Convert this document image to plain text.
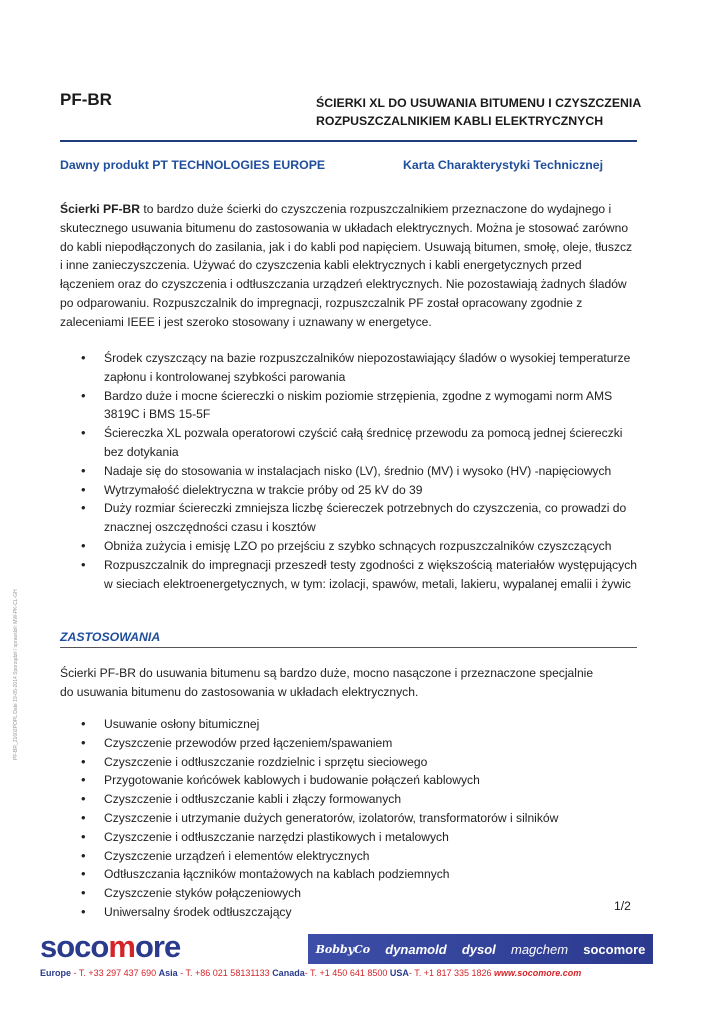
PF-BR	ŚCIERKI XL DO USUWANIA BITUMENU I CZYSZCZENIA
ROZPUSZCZALNIKIEM KABLI ELEKTRYCZNYCH
Dawny produkt PT TECHNOLOGIES EUROPE	Karta Charakterystyki Technicznej
Ścierki PF-BR to bardzo duże ścierki do czyszczenia rozpuszczalnikiem przeznaczone do wydajnego i skutecznego usuwania bitumenu do zastosowania w układach elektrycznych. Można je stosować zarówno do kabli niepodłączonych do zasilania, jak i do kabli pod napięciem. Usuwają bitumen, smołę, oleje, tłuszcz i inne zanieczyszczenia. Używać do czyszczenia kabli elektrycznych i kabli energetycznych przed łączeniem oraz do czyszczenia i odtłuszczania urządzeń elektrycznych. Nie pozostawiają żadnych śladów po odparowaniu. Rozpuszczalnik do impregnacji, rozpuszczalnik PF został opracowany zgodnie z zaleceniami IEEE i jest szeroko stosowany i uznawany w energetyce.
• Środek czyszczący na bazie rozpuszczalników niepozostawiający śladów o wysokiej temperaturze zapłonu i kontrolowanej szybkości parowania
• Bardzo duże i mocne ściereczki o niskim poziomie strzępienia, zgodne z wymogami norm AMS 3819C i BMS 15-5F
• Ściereczka XL pozwala operatorowi czyścić całą średnicę przewodu za pomocą jednej ściereczki bez dotykania
• Nadaje się do stosowania w instalacjach nisko (LV), średnio (MV) i wysoko (HV) -napięciowych
• Wytrzymałość dielektryczna w trakcie próby od 25 kV do 39
• Duży rozmiar ściereczki zmniejsza liczbę ściereczek potrzebnych do czyszczenia, co prowadzi do znacznej oszczędności czasu i kosztów
• Obniża zużycia i emisję LZO po przejściu z szybko schnących rozpuszczalników czyszczących
• Rozpuszczalnik do impregnacji przeszedł testy zgodności z większością materiałów występujących w sieciach elektroenergetycznych, w tym: izolacji, spawów, metali, lakieru, wypalanej emalii i żywic
ZASTOSOWANIA
Ścierki PF-BR do usuwania bitumenu są bardzo duże, mocno nasączone i przeznaczone specjalnie
do usuwania bitumenu do zastosowania w układach elektrycznych.
• Usuwanie osłony bitumicznej
• Czyszczenie przewodów przed łączeniem/spawaniem
• Czyszczenie i odtłuszczanie rozdzielnic i sprzętu sieciowego
• Przygotowanie końcówek kablowych i budowanie połączeń kablowych
• Czyszczenie i odtłuszczanie kabli i złączy formowanych
• Czyszczenie i utrzymanie dużych generatorów, izolatorów, transformatorów i silników
• Czyszczenie i odtłuszczanie narzędzi plastikowych i metalowych
• Czyszczenie urządzeń i elementów elektrycznych
• Odtłuszczania łączników montażowych na kablach podziemnych
• Czyszczenie styków połączeniowych
• Uniwersalny środek odtłuszczający	1/2
PF-BR_21602POPL Date 19-05-2014 Sporządził / sprawdził: MW-PK-CL-GH
socomore	BobbyCo dynamold dysol magchem socomore
Europe - T. +33 297 437 690 Asia - T. +86 021 58131133 Canada- T. +1 450 641 8500 USA- T. +1 817 335 1826 www.socomore.com
